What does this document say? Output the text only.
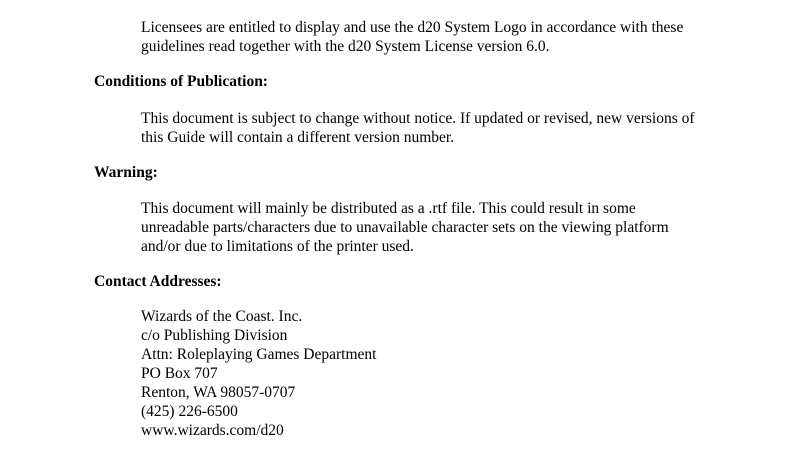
Licensees are entitled to display and use the d20 System Logo in accordance with these
guidelines read together with the d20 System License version 6.0.

Conditions of Publication:

This document is subject to change without notice. If updated or revised, new versions of
this Guide will contain a different version number.

Warning:

This document will mainly be distributed as a .rtf file. This could result in some
unreadable parts/characters due to unavailable character sets on the viewing platform
and/or due to limitations of the printer used.

Contact Addresses:

Wizards of the Coast. Inc.
c/o Publishing Division
Attn: Roleplaying Games Department
PO Box 707
Renton, WA 98057-0707
(425) 226-6500
www.wizards.com/d20
